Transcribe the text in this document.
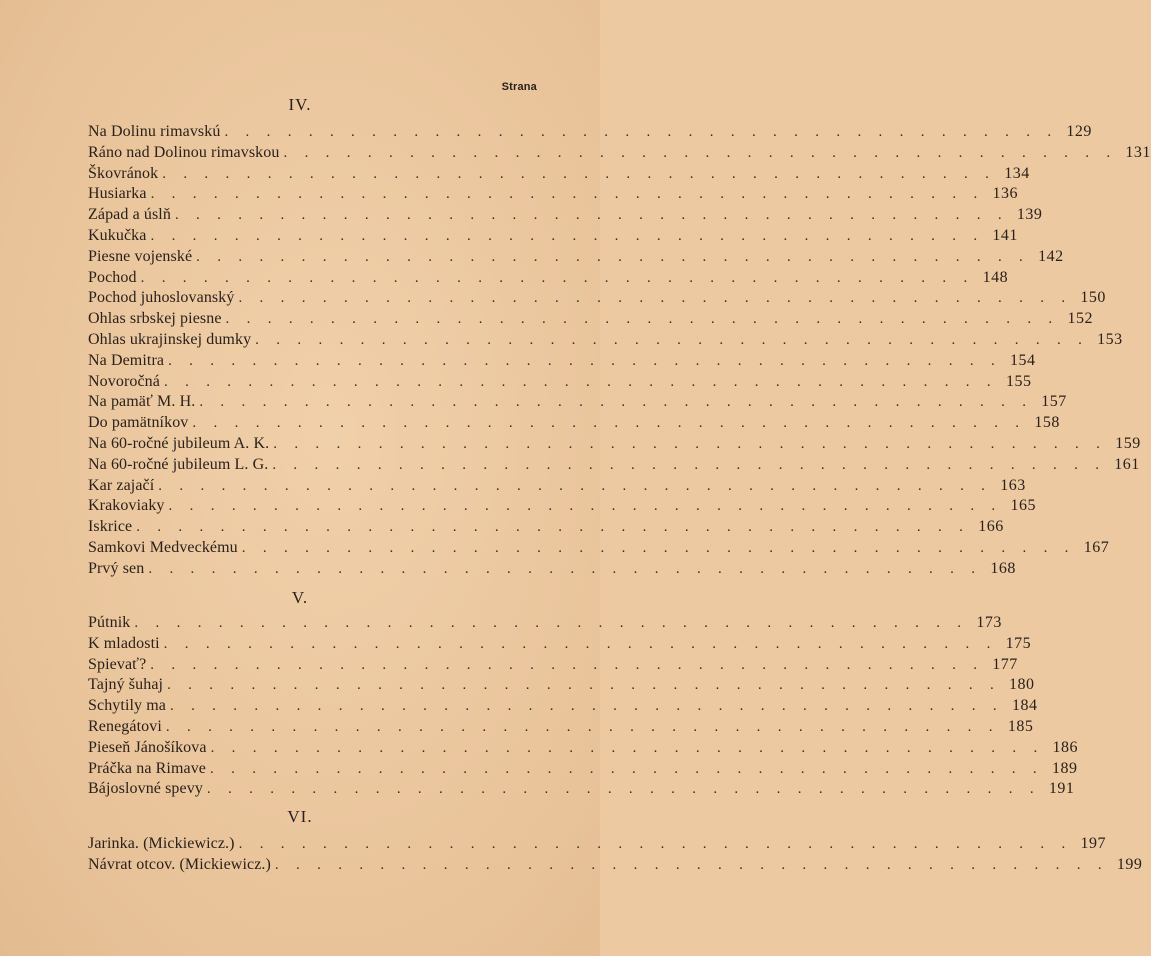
Strana
IV.
Na Dolinu rimavskú . . . . . . . . . . . . . . . . . . . . . . . . . . . . . . . . . . . . . . . . 129
Ráno nad Dolinou rimavskou . . . . . . . . . . . . . . . . . . . . . . . . . . . . . . . . . . . . . . . . 131
Škovránok . . . . . . . . . . . . . . . . . . . . . . . . . . . . . . . . . . . . . . . . 134
Husiarka . . . . . . . . . . . . . . . . . . . . . . . . . . . . . . . . . . . . . . . . 136
Západ a úslň . . . . . . . . . . . . . . . . . . . . . . . . . . . . . . . . . . . . . . . . 139
Kukučka . . . . . . . . . . . . . . . . . . . . . . . . . . . . . . . . . . . . . . . . 141
Piesne vojenské . . . . . . . . . . . . . . . . . . . . . . . . . . . . . . . . . . . . . . . . 142
Pochod . . . . . . . . . . . . . . . . . . . . . . . . . . . . . . . . . . . . . . . . 148
Pochod juhoslovanský . . . . . . . . . . . . . . . . . . . . . . . . . . . . . . . . . . . . . . . . 150
Ohlas srbskej piesne . . . . . . . . . . . . . . . . . . . . . . . . . . . . . . . . . . . . . . . . 152
Ohlas ukrajinskej dumky . . . . . . . . . . . . . . . . . . . . . . . . . . . . . . . . . . . . . . . . 153
Na Demitra . . . . . . . . . . . . . . . . . . . . . . . . . . . . . . . . . . . . . . . . 154
Novoročná . . . . . . . . . . . . . . . . . . . . . . . . . . . . . . . . . . . . . . . . 155
Na pamäť M. H. . . . . . . . . . . . . . . . . . . . . . . . . . . . . . . . . . . . . . . . . 157
Do pamätníkov . . . . . . . . . . . . . . . . . . . . . . . . . . . . . . . . . . . . . . . . 158
Na 60-ročné jubileum A. K. . . . . . . . . . . . . . . . . . . . . . . . . . . . . . . . . . . . . . . . . 159
Na 60-ročné jubileum L. G. . . . . . . . . . . . . . . . . . . . . . . . . . . . . . . . . . . . . . . . . 161
Kar zajačí . . . . . . . . . . . . . . . . . . . . . . . . . . . . . . . . . . . . . . . . 163
Krakoviaky . . . . . . . . . . . . . . . . . . . . . . . . . . . . . . . . . . . . . . . . 165
Iskrice . . . . . . . . . . . . . . . . . . . . . . . . . . . . . . . . . . . . . . . . 166
Samkovi Medveckému . . . . . . . . . . . . . . . . . . . . . . . . . . . . . . . . . . . . . . . . 167
Prvý sen . . . . . . . . . . . . . . . . . . . . . . . . . . . . . . . . . . . . . . . . 168
V.
Pútnik . . . . . . . . . . . . . . . . . . . . . . . . . . . . . . . . . . . . . . . . 173
K mladosti . . . . . . . . . . . . . . . . . . . . . . . . . . . . . . . . . . . . . . . . 175
Spievať? . . . . . . . . . . . . . . . . . . . . . . . . . . . . . . . . . . . . . . . . 177
Tajný šuhaj . . . . . . . . . . . . . . . . . . . . . . . . . . . . . . . . . . . . . . . . 180
Schytily ma . . . . . . . . . . . . . . . . . . . . . . . . . . . . . . . . . . . . . . . . 184
Renegátovi . . . . . . . . . . . . . . . . . . . . . . . . . . . . . . . . . . . . . . . . 185
Pieseň Jánošíkova . . . . . . . . . . . . . . . . . . . . . . . . . . . . . . . . . . . . . . . . 186
Práčka na Rimave . . . . . . . . . . . . . . . . . . . . . . . . . . . . . . . . . . . . . . . . 189
Bájoslovné spevy . . . . . . . . . . . . . . . . . . . . . . . . . . . . . . . . . . . . . . . . 191
VI.
Jarinka. (Mickiewicz.) . . . . . . . . . . . . . . . . . . . . . . . . . . . . . . . . . . . . . . . . 197
Návrat otcov. (Mickiewicz.) . . . . . . . . . . . . . . . . . . . . . . . . . . . . . . . . . . . . . . . . 199
